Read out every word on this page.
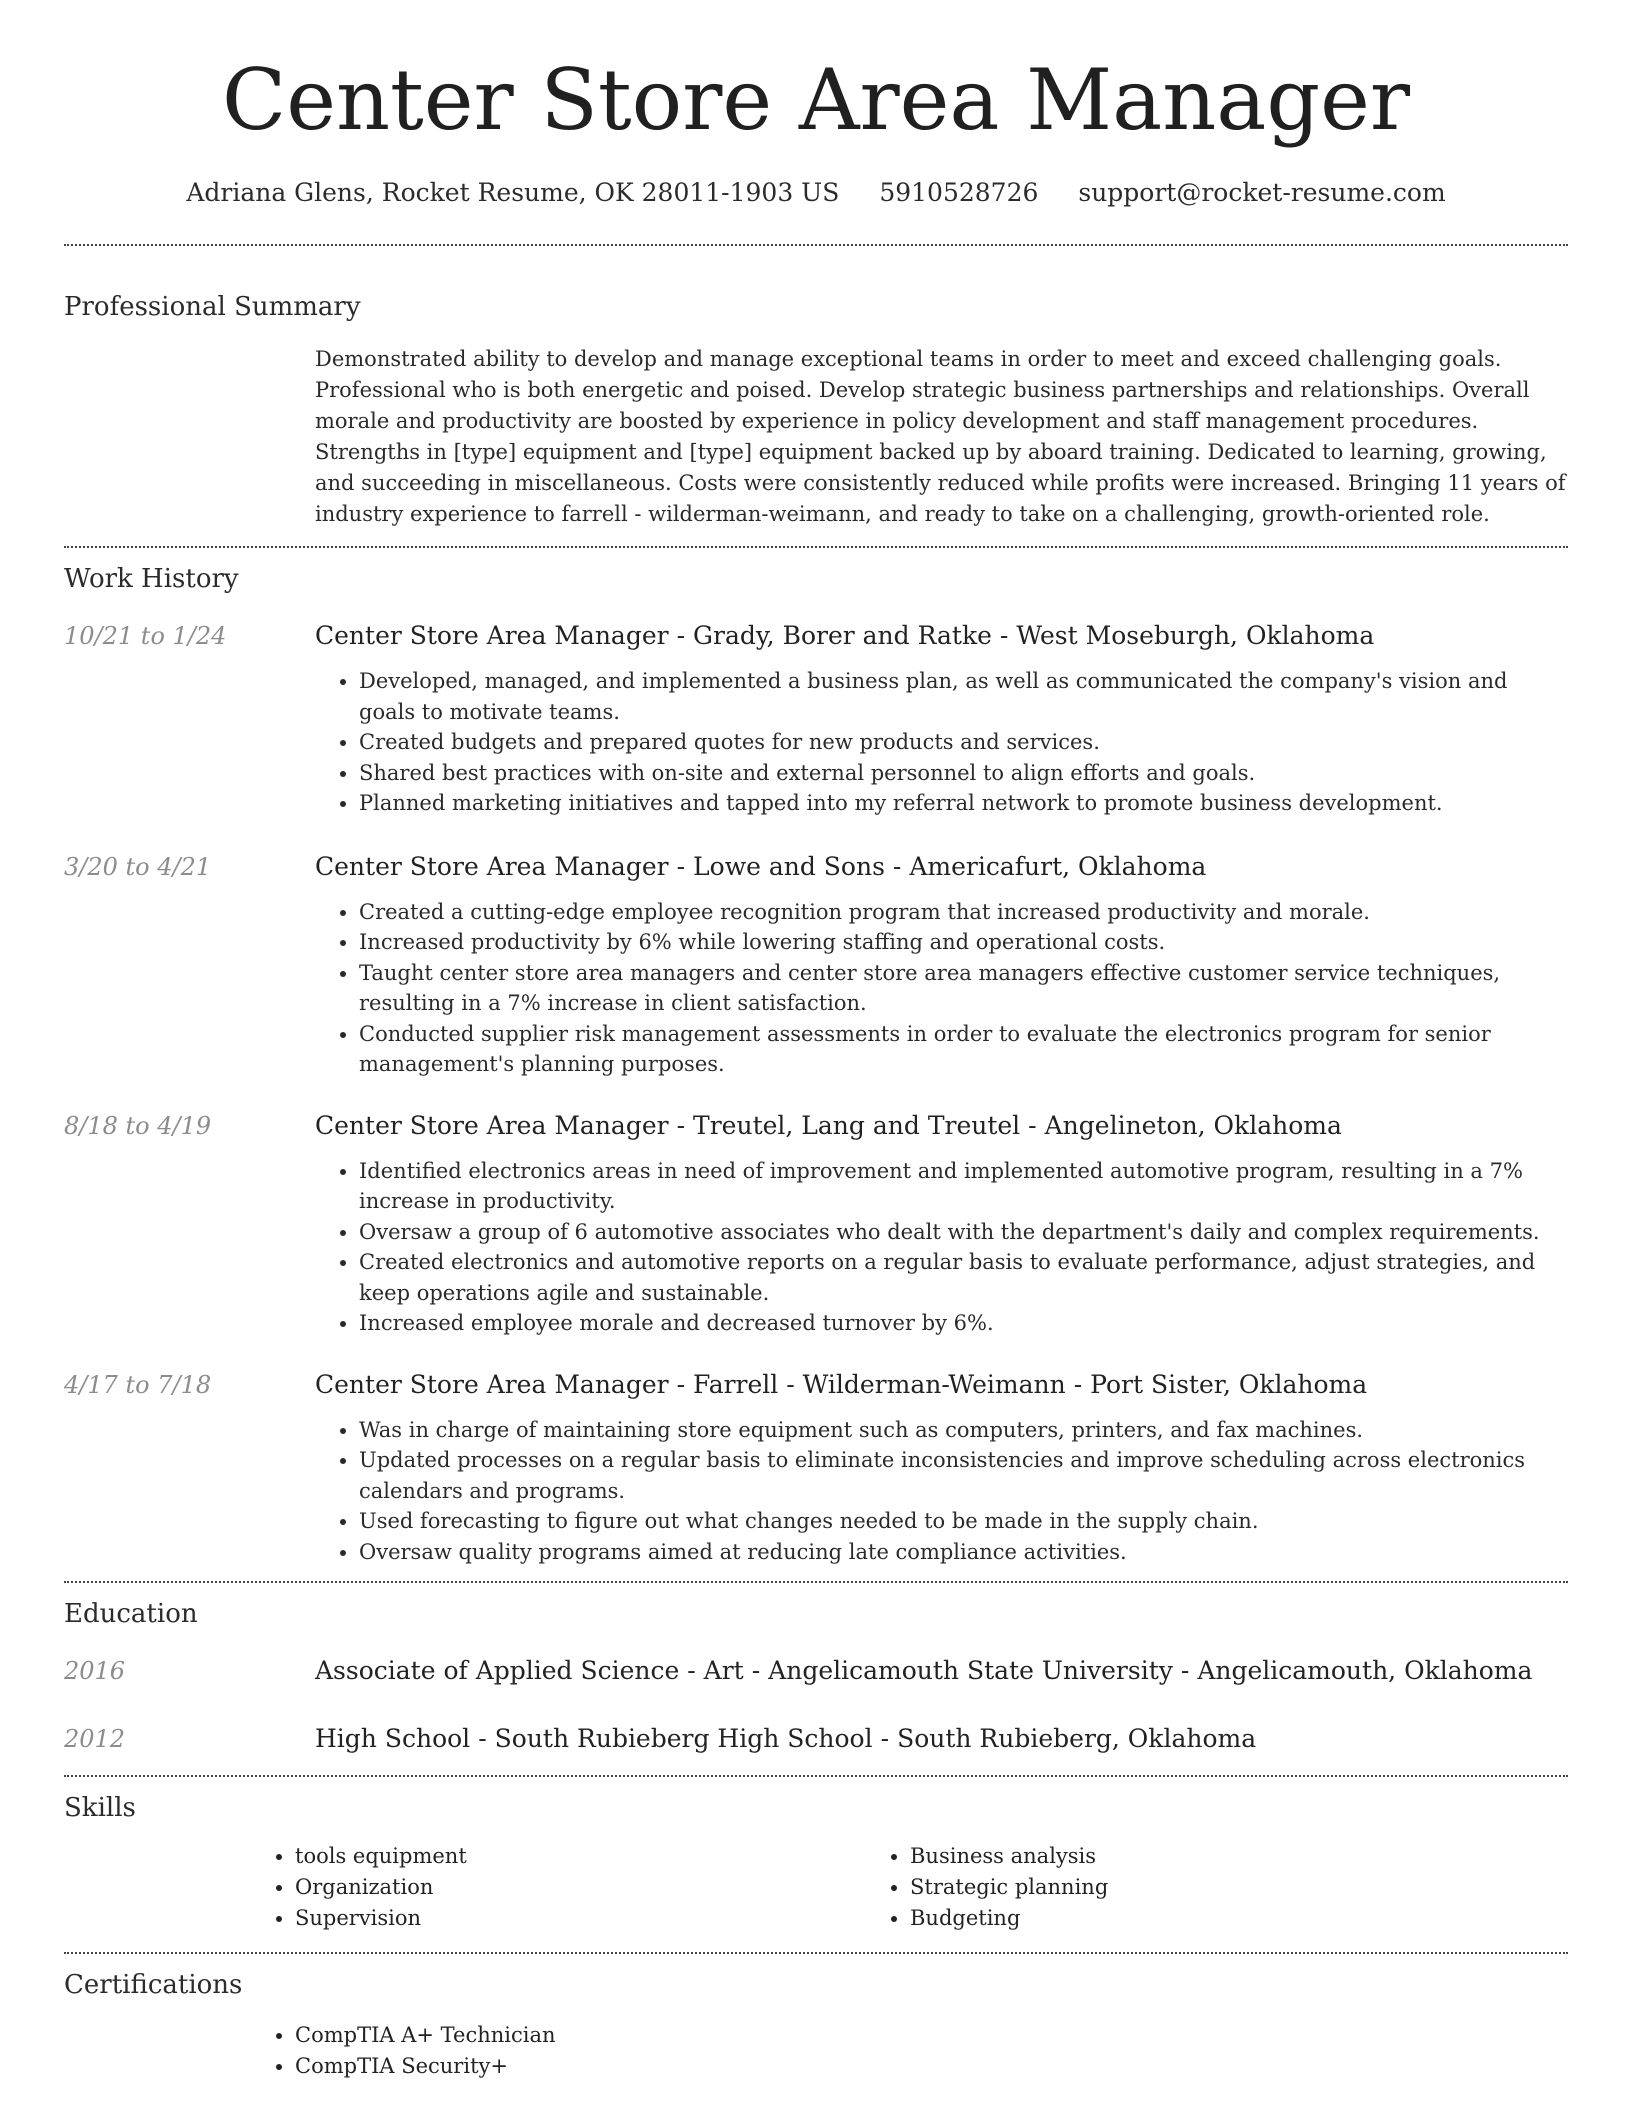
Center Store Area Manager
Adriana Glens, Rocket Resume, OK 28011-1903 US 5910528726 support@rocket-resume.com
Professional Summary
Demonstrated ability to develop and manage exceptional teams in order to meet and exceed challenging goals. Professional who is both energetic and poised. Develop strategic business partnerships and relationships. Overall morale and productivity are boosted by experience in policy development and staff management procedures. Strengths in [type] equipment and [type] equipment backed up by aboard training. Dedicated to learning, growing, and succeeding in miscellaneous. Costs were consistently reduced while profits were increased. Bringing 11 years of industry experience to farrell - wilderman-weimann, and ready to take on a challenging, growth-oriented role.
Work History
10/21 to 1/24	Center Store Area Manager - Grady, Borer and Ratke - West Moseburgh, Oklahoma
• Developed, managed, and implemented a business plan, as well as communicated the company's vision and goals to motivate teams.
• Created budgets and prepared quotes for new products and services.
• Shared best practices with on-site and external personnel to align efforts and goals.
• Planned marketing initiatives and tapped into my referral network to promote business development.
3/20 to 4/21	Center Store Area Manager - Lowe and Sons - Americafurt, Oklahoma
• Created a cutting-edge employee recognition program that increased productivity and morale.
• Increased productivity by 6% while lowering staffing and operational costs.
• Taught center store area managers and center store area managers effective customer service techniques, resulting in a 7% increase in client satisfaction.
• Conducted supplier risk management assessments in order to evaluate the electronics program for senior management's planning purposes.
8/18 to 4/19	Center Store Area Manager - Treutel, Lang and Treutel - Angelineton, Oklahoma
• Identified electronics areas in need of improvement and implemented automotive program, resulting in a 7% increase in productivity.
• Oversaw a group of 6 automotive associates who dealt with the department's daily and complex requirements.
• Created electronics and automotive reports on a regular basis to evaluate performance, adjust strategies, and keep operations agile and sustainable.
• Increased employee morale and decreased turnover by 6%.
4/17 to 7/18	Center Store Area Manager - Farrell - Wilderman-Weimann - Port Sister, Oklahoma
• Was in charge of maintaining store equipment such as computers, printers, and fax machines.
• Updated processes on a regular basis to eliminate inconsistencies and improve scheduling across electronics calendars and programs.
• Used forecasting to figure out what changes needed to be made in the supply chain.
• Oversaw quality programs aimed at reducing late compliance activities.
Education
2016	Associate of Applied Science - Art - Angelicamouth State University - Angelicamouth, Oklahoma
2012	High School - South Rubieberg High School - South Rubieberg, Oklahoma
Skills
• tools equipment
• Organization
• Supervision
• Business analysis
• Strategic planning
• Budgeting
Certifications
• CompTIA A+ Technician
• CompTIA Security+
